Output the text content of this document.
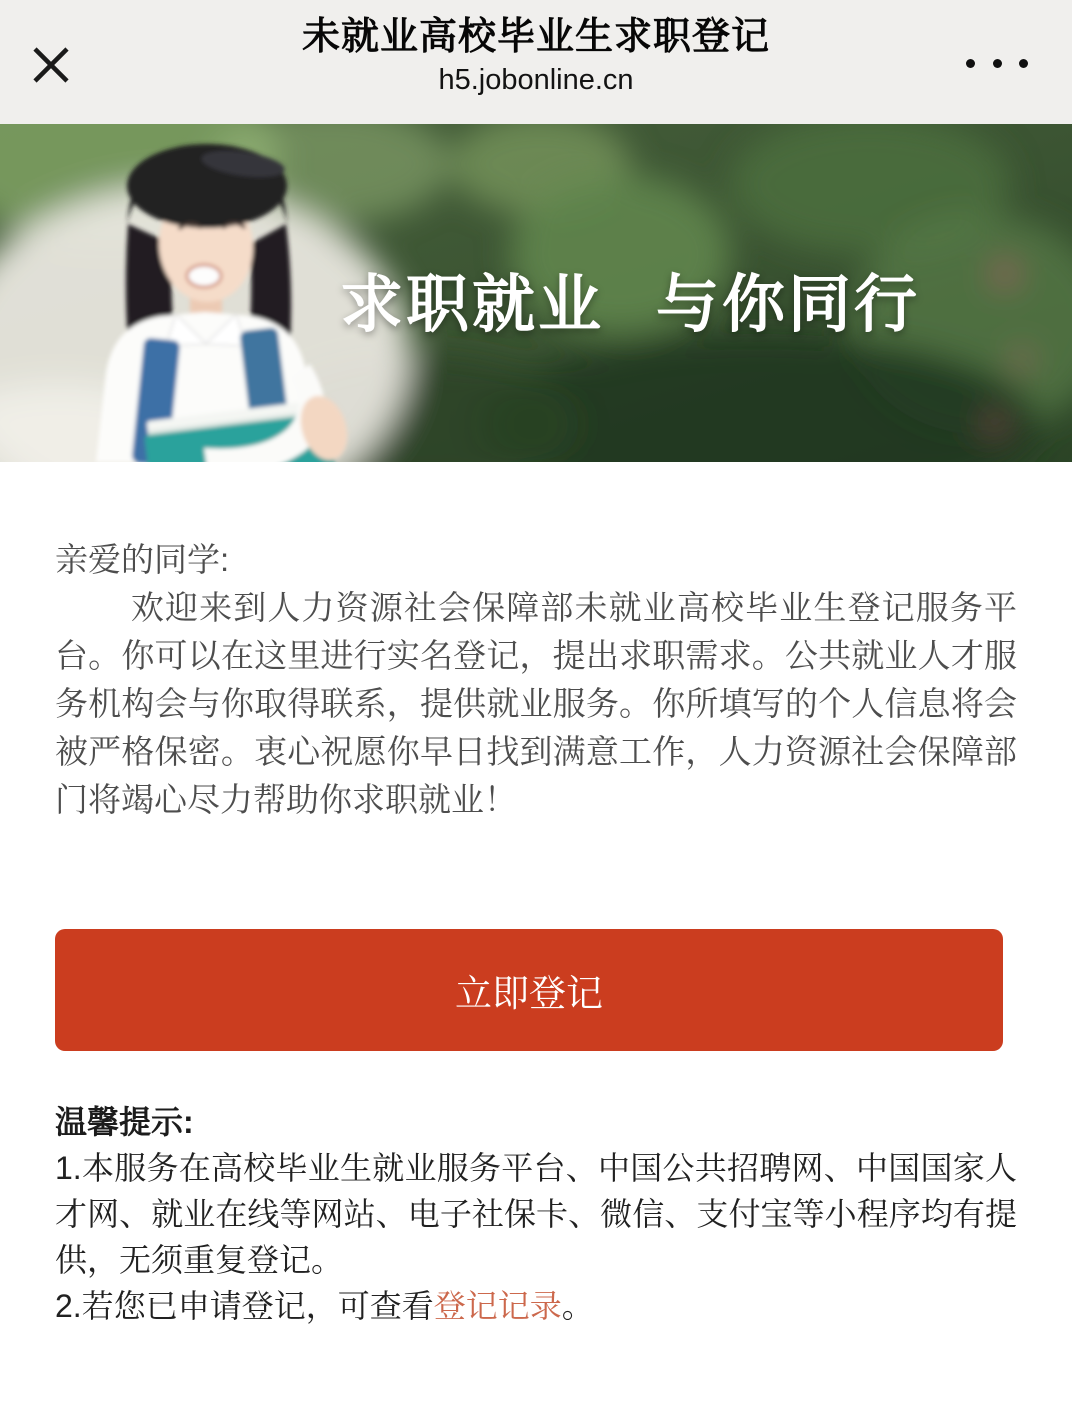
未就业高校毕业生求职登记
h5.jobonline.cn
求职就业 与你同行

亲爱的同学:

欢迎来到人力资源社会保障部未就业高校毕业生登记服务平台。你可以在这里进行实名登记，提出求职需求。公共就业人才服务机构会与你取得联系，提供就业服务。你所填写的个人信息将会被严格保密。衷心祝愿你早日找到满意工作，人力资源社会保障部门将竭心尽力帮助你求职就业！

立即登记

温馨提示:

1.本服务在高校毕业生就业服务平台、中国公共招聘网、中国国家人才网、就业在线等网站、电子社保卡、微信、支付宝等小程序均有提供，无须重复登记。

2.若您已申请登记，可查看登记记录。
